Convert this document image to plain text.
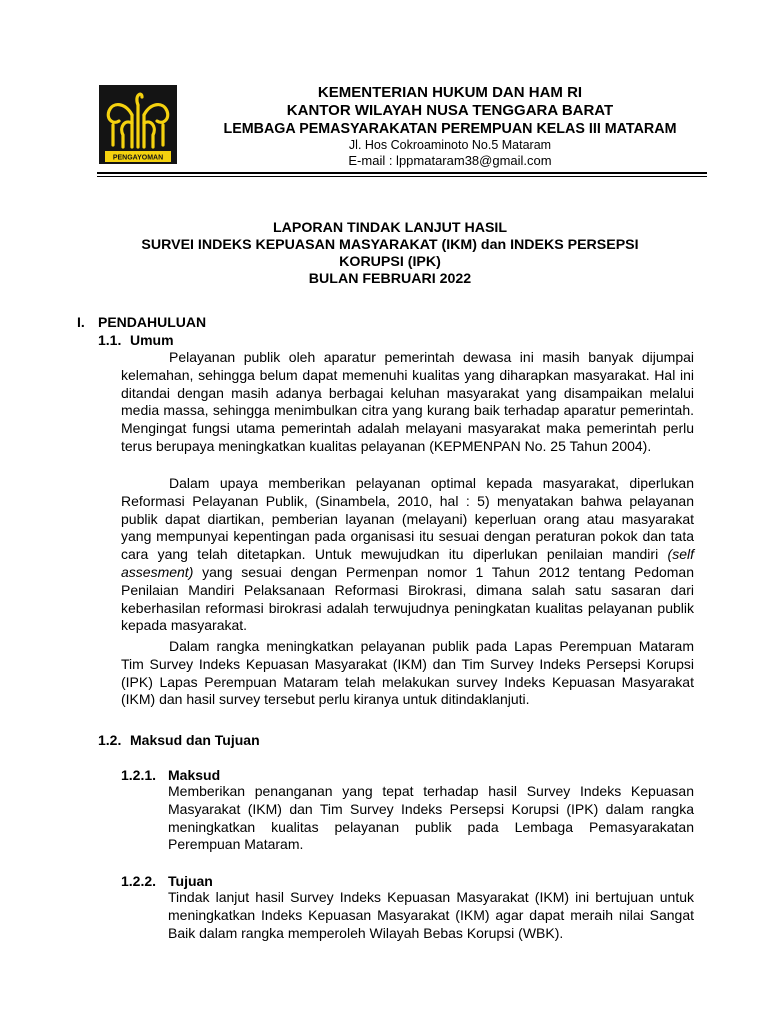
PENGAYOMAN
KEMENTERIAN HUKUM DAN HAM RI
KANTOR WILAYAH NUSA TENGGARA BARAT
LEMBAGA PEMASYARAKATAN PEREMPUAN KELAS III MATARAM
Jl. Hos Cokroaminoto No.5 Mataram
E-mail : lppmataram38@gmail.com
LAPORAN TINDAK LANJUT HASIL
SURVEI INDEKS KEPUASAN MASYARAKAT (IKM) dan INDEKS PERSEPSI
KORUPSI (IPK)
BULAN FEBRUARI 2022
I. PENDAHULUAN
1.1. Umum
Pelayanan publik oleh aparatur pemerintah dewasa ini masih banyak dijumpai kelemahan, sehingga belum dapat memenuhi kualitas yang diharapkan masyarakat. Hal ini ditandai dengan masih adanya berbagai keluhan masyarakat yang disampaikan melalui media massa, sehingga menimbulkan citra yang kurang baik terhadap aparatur pemerintah. Mengingat fungsi utama pemerintah adalah melayani masyarakat maka pemerintah perlu terus berupaya meningkatkan kualitas pelayanan (KEPMENPAN No. 25 Tahun 2004).
Dalam upaya memberikan pelayanan optimal kepada masyarakat, diperlukan Reformasi Pelayanan Publik, (Sinambela, 2010, hal : 5) menyatakan bahwa pelayanan publik dapat diartikan, pemberian layanan (melayani) keperluan orang atau masyarakat yang mempunyai kepentingan pada organisasi itu sesuai dengan peraturan pokok dan tata cara yang telah ditetapkan. Untuk mewujudkan itu diperlukan penilaian mandiri (self assesment) yang sesuai dengan Permenpan nomor 1 Tahun 2012 tentang Pedoman Penilaian Mandiri Pelaksanaan Reformasi Birokrasi, dimana salah satu sasaran dari keberhasilan reformasi birokrasi adalah terwujudnya peningkatan kualitas pelayanan publik kepada masyarakat.
Dalam rangka meningkatkan pelayanan publik pada Lapas Perempuan Mataram Tim Survey Indeks Kepuasan Masyarakat (IKM) dan Tim Survey Indeks Persepsi Korupsi (IPK) Lapas Perempuan Mataram telah melakukan survey Indeks Kepuasan Masyarakat (IKM) dan hasil survey tersebut perlu kiranya untuk ditindaklanjuti.
1.2. Maksud dan Tujuan
1.2.1. Maksud
Memberikan penanganan yang tepat terhadap hasil Survey Indeks Kepuasan Masyarakat (IKM) dan Tim Survey Indeks Persepsi Korupsi (IPK) dalam rangka meningkatkan kualitas pelayanan publik pada Lembaga Pemasyarakatan Perempuan Mataram.
1.2.2. Tujuan
Tindak lanjut hasil Survey Indeks Kepuasan Masyarakat (IKM) ini bertujuan untuk meningkatkan Indeks Kepuasan Masyarakat (IKM) agar dapat meraih nilai Sangat Baik dalam rangka memperoleh Wilayah Bebas Korupsi (WBK).
